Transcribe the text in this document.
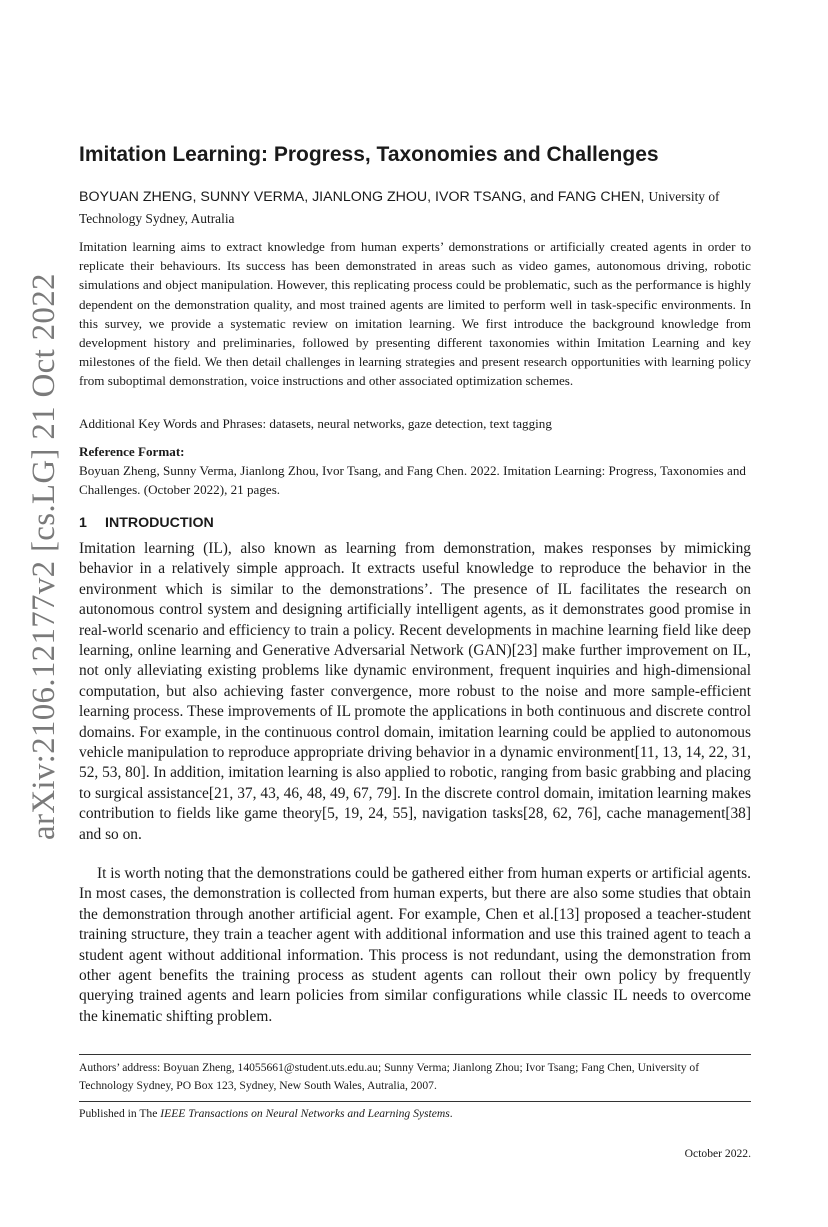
arXiv:2106.12177v2 [cs.LG] 21 Oct 2022
Imitation Learning: Progress, Taxonomies and Challenges
BOYUAN ZHENG, SUNNY VERMA, JIANLONG ZHOU, IVOR TSANG, and FANG CHEN, University of Technology Sydney, Autralia

Imitation learning aims to extract knowledge from human experts’ demonstrations or artificially created agents in order to replicate their behaviours. Its success has been demonstrated in areas such as video games, autonomous driving, robotic simulations and object manipulation. However, this replicating process could be problematic, such as the performance is highly dependent on the demonstration quality, and most trained agents are limited to perform well in task-specific environments. In this survey, we provide a systematic review on imitation learning. We first introduce the background knowledge from development history and preliminaries, followed by presenting different taxonomies within Imitation Learning and key milestones of the field. We then detail challenges in learning strategies and present research opportunities with learning policy from suboptimal demonstration, voice instructions and other associated optimization schemes.

Additional Key Words and Phrases: datasets, neural networks, gaze detection, text tagging

Reference Format:

Boyuan Zheng, Sunny Verma, Jianlong Zhou, Ivor Tsang, and Fang Chen. 2022. Imitation Learning: Progress, Taxonomies and Challenges. (October 2022), 21 pages.

1 INTRODUCTION

Imitation learning (IL), also known as learning from demonstration, makes responses by mimicking behavior in a relatively simple approach. It extracts useful knowledge to reproduce the behavior in the environment which is similar to the demonstrations’. The presence of IL facilitates the research on autonomous control system and designing artificially intelligent agents, as it demonstrates good promise in real-world scenario and efficiency to train a policy. Recent developments in machine learning field like deep learning, online learning and Generative Adversarial Network (GAN)[23] make further improvement on IL, not only alleviating existing problems like dynamic environment, frequent inquiries and high-dimensional computation, but also achieving faster convergence, more robust to the noise and more sample-efficient learning process. These improvements of IL promote the applications in both continuous and discrete control domains. For example, in the continuous control domain, imitation learning could be applied to autonomous vehicle manipulation to reproduce appropriate driving behavior in a dynamic environment[11, 13, 14, 22, 31, 52, 53, 80]. In addition, imitation learning is also applied to robotic, ranging from basic grabbing and placing to surgical assistance[21, 37, 43, 46, 48, 49, 67, 79]. In the discrete control domain, imitation learning makes contribution to fields like game theory[5, 19, 24, 55], navigation tasks[28, 62, 76], cache management[38] and so on.

It is worth noting that the demonstrations could be gathered either from human experts or artificial agents. In most cases, the demonstration is collected from human experts, but there are also some studies that obtain the demonstration through another artificial agent. For example, Chen et al.[13] proposed a teacher-student training structure, they train a teacher agent with additional information and use this trained agent to teach a student agent without additional information. This process is not redundant, using the demonstration from other agent benefits the training process as student agents can rollout their own policy by frequently querying trained agents and learn policies from similar configurations while classic IL needs to overcome the kinematic shifting problem.

Authors’ address: Boyuan Zheng, 14055661@student.uts.edu.au; Sunny Verma; Jianlong Zhou; Ivor Tsang; Fang Chen, University of Technology Sydney, PO Box 123, Sydney, New South Wales, Autralia, 2007.

Published in The IEEE Transactions on Neural Networks and Learning Systems.

October 2022.
